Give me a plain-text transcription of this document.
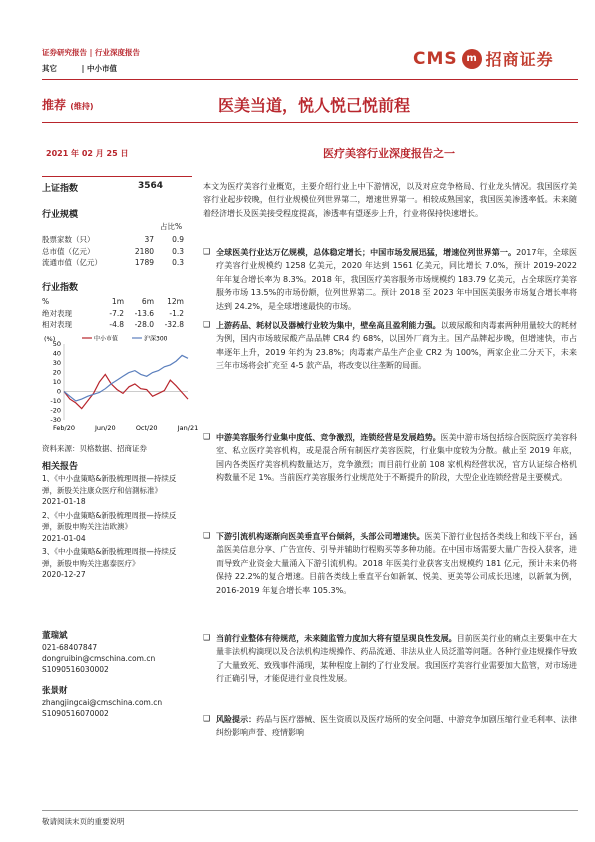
证券研究报告 | 行业深度报告
其它	| 中小市值	CMS m 招商证券
推荐 (维持)	医美当道，悦人悦己悦前程
2021 年 02 月 25 日	医疗美容行业深度报告之一
上证指数	3564
行业规模
占比%
股票家数（只）	37	0.9
总市值（亿元）	2180	0.3
流通市值（亿元）	1789	0.3
行业指数
%	1m	6m	12m
绝对表现	-7.2	-13.6	-1.2
相对表现	-4.8	-28.0	-32.8
(%)
50
40
30
20
10
0
-10
-20
-30
Feb/20	Jun/20	Oct/20	Jan/21
中小市值	沪深300
资料来源：贝格数据、招商证券
相关报告
1、《中小盘策略&新股梳理周报—持续反弹，新股关注康众医疗和信測标准》
2021-01-18
2、《中小盘策略&新股梳理周报—持续反弹，新股申购关注洁欧澳》
2021-01-04
3、《中小盘策略&新股梳理周报—持续反弹，新股申购关注惠泰医疗》
2020-12-27
董瑞斌
021-68407847
dongruibin@cmschina.com.cn
S1090516030002
张景财
zhangjingcai@cmschina.com.cn
S1090516070002
本文为医疗美容行业概览，主要介绍行业上中下游情况，以及对应竞争格局、行业龙头情况。我国医疗美容行业起步较晚，但行业规模位列世界第二，增速世界第一。相较成熟国家，我国医美渗透率低。未来随着经济增长及医美接受程度提高，渗透率有望逐步上升，行业将保持快速增长。
❑ 全球医美行业达万亿规模，总体稳定增长；中国市场发展迅猛，增速位列世界第一。2017年，全球医疗美容行业规模约 1258 亿美元，2020 年达到 1561 亿美元，同比增长 7.0%，预计 2019-2022 年年复合增长率为 8.3%。2018 年，我国医疗美容服务市场规模约 183.79 亿美元，占全球医疗美容服务市场 13.5%的市场份额，位列世界第二。预计 2018 至 2023 年中国医美服务市场复合增长率将达到 24.2%，是全球增速最快的市场。
❑ 上游药品、耗材以及器械行业较为集中，壁垒高且盈利能力强。以玻尿酸和肉毒素两种用量较大的耗材为例，国内市场玻尿酸产品品牌 CR4 约 68%，以国外厂商为主。国产品牌起步晚，但增速快，市占率逐年上升，2019 年约为 23.8%；肉毒素产品生产企业 CR2 为 100%，两家企业二分天下，未来三年市场将会扩充至 4-5 款产品，将改变以往垄断的局面。
❑ 中游美容服务行业集中度低、竞争激烈，连锁经营是发展趋势。医美中游市场包括综合医院医疗美容科室、私立医疗美容机构，或是混合所有制医疗美容医院，行业集中度较为分散。截止至 2019 年底，国内各类医疗美容机构数量达万，竞争激烈；而目前行业前 108 家机构经营状况，官方认证综合格机构数量不足 1%。当前医疗美容服务行业规范处于不断提升的阶段，大型企业连锁经营是主要模式。
❑ 下游引流机构逐渐向医美垂直平台倾斜，头部公司增速快。医美下游行业包括各类线上和线下平台，涵盖医美信息分享、广告宣传、引导并辅助行程购买等多种功能。在中国市场需要大量广告投入获客，进而导致产业资金大量涌入下游引流机构。2018 年医美行业获客支出规模约 181 亿元，预计未来仍将保持 22.2%的复合增速。目前各类线上垂直平台如新氧、悦美、更美等公司成长迅速，以新氧为例，2016-2019 年复合增长率 105.3%。
❑ 当前行业整体有待规范，未来随监管力度加大将有望呈现良性发展。目前医美行业的痛点主要集中在大量非法机构滴现以及合法机构违规操作、药品流通、非法从业人员泛滥等问题。各种行业违规操作导致了大量致死、致残事件涌现，某种程度上制约了行业发展。我国医疗美容行业需要加大监管，对市场进行正确引导，才能促进行业良性发展。
❑ 风险提示：药品与医疗器械、医生资质以及医疗场所的安全问题、中游竞争加剧压缩行业毛利率、法律纠纷影响声誉、疫情影响
敬请阅读末页的重要说明
